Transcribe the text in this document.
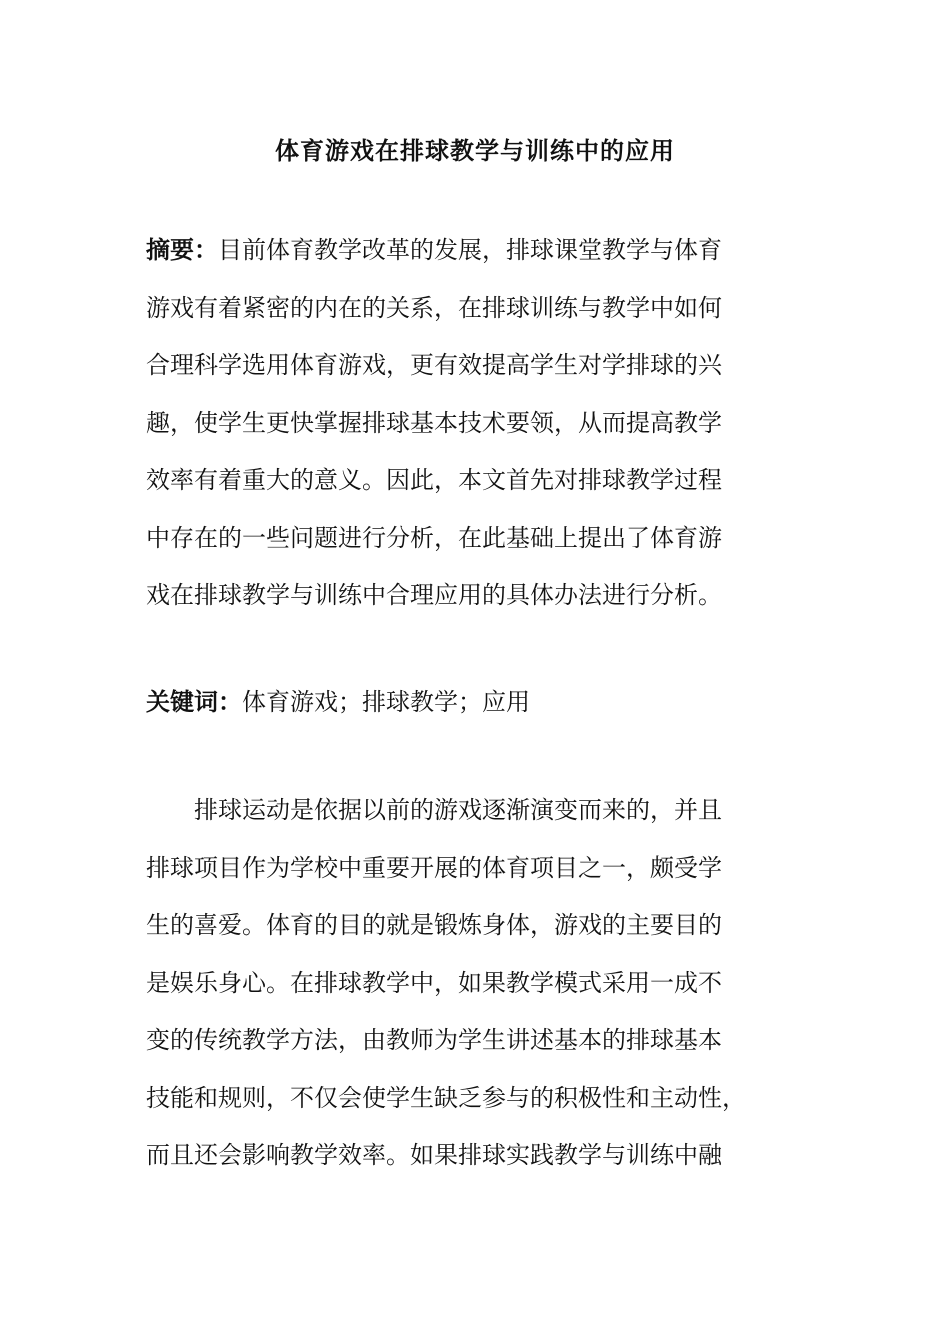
体育游戏在排球教学与训练中的应用
摘要：目前体育教学改革的发展，排球课堂教学与体育
游戏有着紧密的内在的关系，在排球训练与教学中如何
合理科学选用体育游戏，更有效提高学生对学排球的兴
趣，使学生更快掌握排球基本技术要领，从而提高教学
效率有着重大的意义。因此，本文首先对排球教学过程
中存在的一些问题进行分析，在此基础上提出了体育游
戏在排球教学与训练中合理应用的具体办法进行分析。
关键词：体育游戏；排球教学；应用
排球运动是依据以前的游戏逐渐演变而来的，并且
排球项目作为学校中重要开展的体育项目之一，颇受学
生的喜爱。体育的目的就是锻炼身体，游戏的主要目的
是娱乐身心。在排球教学中，如果教学模式采用一成不
变的传统教学方法，由教师为学生讲述基本的排球基本
技能和规则，不仅会使学生缺乏参与的积极性和主动性，
而且还会影响教学效率。如果排球实践教学与训练中融
